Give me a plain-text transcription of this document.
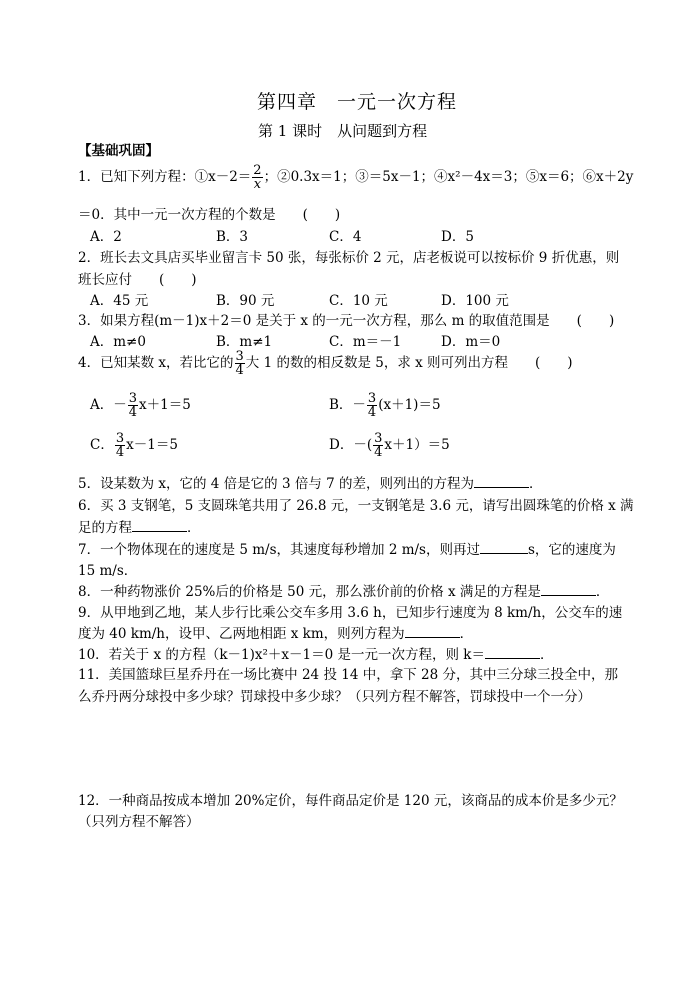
第四章　一元一次方程
第 1 课时　从问题到方程
【基础巩固】
1．已知下列方程：①x－2＝ $\frac{2}{x}$ ；②0.3x＝1；③＝5x－1；④x²－4x＝3；⑤x＝6；⑥x＋2y
＝0．其中一元一次方程的个数是　　(　　)
A．2	B．3	C．4	D．5
2．班长去文具店买毕业留言卡 50 张，每张标价 2 元，店老板说可以按标价 9 折优惠，则
班长应付　　(　　)
A．45 元	B．90 元	C．10 元	D．100 元
3．如果方程(m－1)x＋2＝0 是关于 x 的一元一次方程，那么 m 的取值范围是　　(　　)
A．m≠0	B．m≠1	C．m＝－1	D．m＝0
4．已知某数 x，若比它的 $\frac{3}{4}$ 大 1 的数的相反数是 5，求 x 则可列出方程　　(　　)
A．－ $\frac{3}{4} x+1=5$	B．－ $\frac{3}{4} (x+1)=5$
C． $\frac{3}{4} x-1=5$	D．－( $\frac{3}{4} x+1)=5$
5．设某数为 x，它的 4 倍是它的 3 倍与 7 的差，则列出的方程为	．
6．买 3 支钢笔，5 支圆珠笔共用了 26.8 元，一支钢笔是 3.6 元，请写出圆珠笔的价格 x 满
足的方程	．
7．一个物体现在的速度是 5 m/s，其速度每秒增加 2 m/s，则再过	s，它的速度为
15 m/s．
8．一种药物涨价 25%后的价格是 50 元，那么涨价前的价格 x 满足的方程是	．
9．从甲地到乙地，某人步行比乘公交车多用 3.6 h，已知步行速度为 8 km/h，公交车的速
度为 40 km/h，设甲、乙两地相距 x km，则列方程为	．
10．若关于 x 的方程（k－1)x²＋x－1＝0 是一元一次方程，则 k＝	．
11．美国篮球巨星乔丹在一场比赛中 24 投 14 中，拿下 28 分，其中三分球三投全中，那
么乔丹两分球投中多少球？罚球投中多少球？（只列方程不解答，罚球投中一个一分）
12．一种商品按成本增加 20%定价，每件商品定价是 120 元，该商品的成本价是多少元？
（只列方程不解答）
